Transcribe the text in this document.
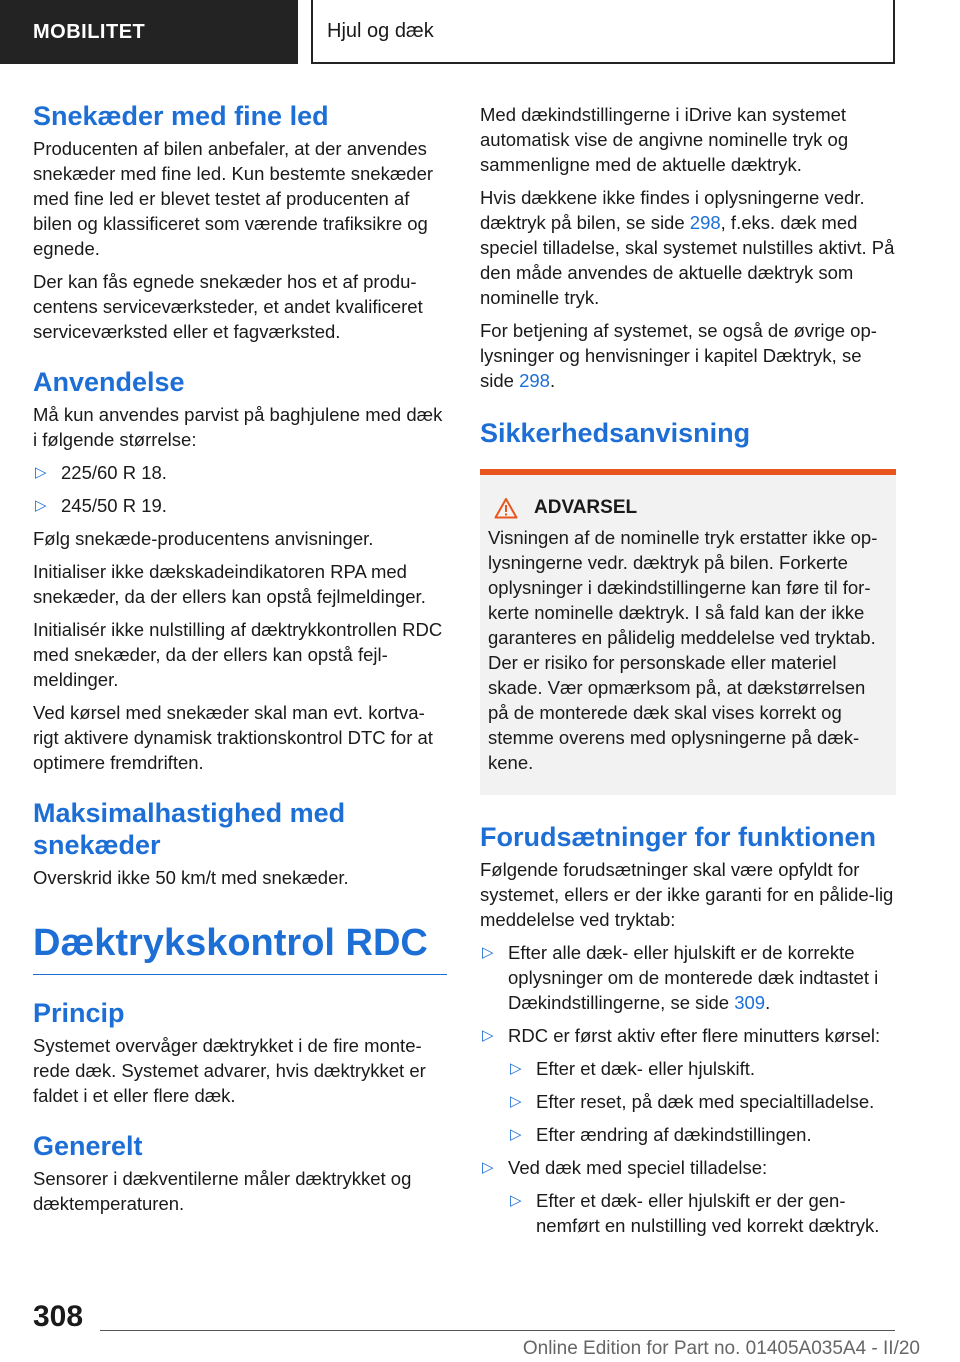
MOBILITET	Hjul og dæk
Snekæder med fine led

Producenten af bilen anbefaler, at der anvendes snekæder med fine led. Kun bestemte snekæder med fine led er blevet testet af producenten af bilen og klassificeret som værende trafiksikre og egnede.

Der kan fås egnede snekæder hos et af produ-centens serviceværksteder, et andet kvalificeret serviceværksted eller et fagværksted.

Anvendelse

Må kun anvendes parvist på baghjulene med dæk i følgende størrelse:

▷ 225/60 R 18.
▷ 245/50 R 19.

Følg snekæde-producentens anvisninger.

Initialiser ikke dækskadeindikatoren RPA med snekæder, da der ellers kan opstå fejlmeldinger.

Initialisér ikke nulstilling af dæktrykkontrollen RDC med snekæder, da der ellers kan opstå fejl-meldinger.

Ved kørsel med snekæder skal man evt. kortva-rigt aktivere dynamisk traktionskontrol DTC for at optimere fremdriften.

Maksimalhastighed med snekæder

Overskrid ikke 50 km/t med snekæder.

Dæktrykskontrol RDC
Princip

Systemet overvåger dæktrykket i de fire monte-rede dæk. Systemet advarer, hvis dæktrykket er faldet i et eller flere dæk.

Generelt

Sensorer i dækventilerne måler dæktrykket og dæktemperaturen.

Med dækindstillingerne i iDrive kan systemet automatisk vise de angivne nominelle tryk og sammenligne med de aktuelle dæktryk.

Hvis dækkene ikke findes i oplysningerne vedr. dæktryk på bilen, se side 298, f.eks. dæk med speciel tilladelse, skal systemet nulstilles aktivt. På den måde anvendes de aktuelle dæktryk som nominelle tryk.

For betjening af systemet, se også de øvrige op-lysninger og henvisninger i kapitel Dæktryk, se side 298.

Sikkerhedsanvisning
ADVARSEL

Visningen af de nominelle tryk erstatter ikke op-lysningerne vedr. dæktryk på bilen. Forkerte oplysninger i dækindstillingerne kan føre til for-kerte nominelle dæktryk. I så fald kan der ikke garanteres en pålidelig meddelelse ved tryktab. Der er risiko for personskade eller materiel skade. Vær opmærksom på, at dækstørrelsen på de monterede dæk skal vises korrekt og stemme overens med oplysningerne på dæk-kene.

Forudsætninger for funktionen

Følgende forudsætninger skal være opfyldt for systemet, ellers er der ikke garanti for en pålide-lig meddelelse ved tryktab:

▷ Efter alle dæk- eller hjulskift er de korrekte oplysninger om de monterede dæk indtastet i Dækindstillingerne, se side 309.
▷ RDC er først aktiv efter flere minutters kørsel:
▷ Efter et dæk- eller hjulskift.
▷ Efter reset, på dæk med specialtilladelse.
▷ Efter ændring af dækindstillingen.
▷ Ved dæk med speciel tilladelse:
▷ Efter et dæk- eller hjulskift er der gen-nemført en nulstilling ved korrekt dæktryk.
308
Online Edition for Part no. 01405A035A4 - II/20
